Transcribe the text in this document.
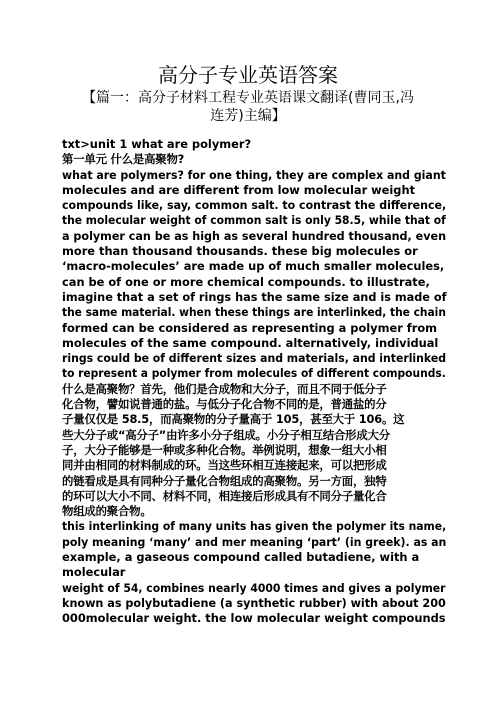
高分子专业英语答案
【篇一：高分子材料工程专业英语课文翻译(曹同玉,冯
连芳)主编】
txt>unit 1 what are polymer?
第一单元 什么是高聚物?
what are polymers? for one thing, they are complex and giant
molecules and are different from low molecular weight
compounds like, say, common salt. to contrast the difference,
the molecular weight of common salt is only 58.5, while that of
a polymer can be as high as several hundred thousand, even
more than thousand thousands. these big molecules or
‘macro-molecules’ are made up of much smaller molecules,
can be of one or more chemical compounds. to illustrate,
imagine that a set of rings has the same size and is made of
the same material. when these things are interlinked, the chain
formed can be considered as representing a polymer from
molecules of the same compound. alternatively, individual
rings could be of different sizes and materials, and interlinked
to represent a polymer from molecules of different compounds.
什么是高聚物？首先，他们是合成物和大分子，而且不同于低分子
化合物，譬如说普通的盐。与低分子化合物不同的是，普通盐的分
子量仅仅是 58.5，而高聚物的分子量高于 105，甚至大于 106。这
些大分子或“高分子”由许多小分子组成。小分子相互结合形成大分
子，大分子能够是一种或多种化合物。举例说明，想象一组大小相
同并由相同的材料制成的环。当这些环相互连接起来，可以把形成
的链看成是具有同种分子量化合物组成的高聚物。另一方面，独特
的环可以大小不同、材料不同，相连接后形成具有不同分子量化合
物组成的聚合物。
this interlinking of many units has given the polymer its name,
poly meaning ‘many’ and mer meaning ‘part’ (in greek). as an
example, a gaseous compound called butadiene, with a
molecular
weight of 54, combines nearly 4000 times and gives a polymer
known as polybutadiene (a synthetic rubber) with about 200
000molecular weight. the low molecular weight compounds
